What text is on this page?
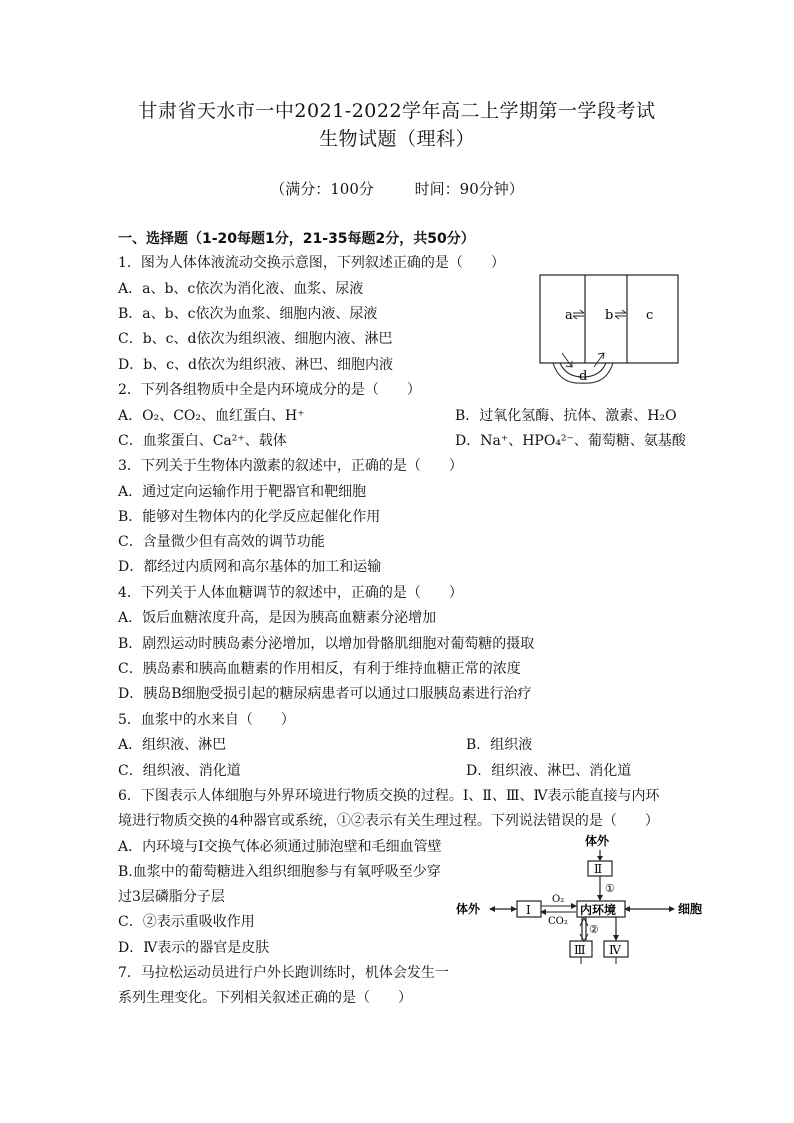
甘肃省天水市一中2021-2022学年高二上学期第一学段考试
生物试题（理科）
（满分：100分	时间：90分钟）
一、选择题（1-20每题1分，21-35每题2分，共50分）
1．图为人体体液流动交换示意图，下列叙述正确的是（　　）
A．a、b、c依次为消化液、血浆、尿液
B．a、b、c依次为血浆、细胞内液、尿液
C．b、c、d依次为组织液、细胞内液、淋巴
D．b、c、d依次为组织液、淋巴、细胞内液
a b	c
d
2．下列各组物质中全是内环境成分的是（　　）
A．O₂、CO₂、血红蛋白、H⁺	B．过氧化氢酶、抗体、激素、H₂O
C．血浆蛋白、Ca²⁺、载体	D．Na⁺、HPO₄²⁻、葡萄糖、氨基酸
3．下列关于生物体内激素的叙述中，正确的是（　　）
A．通过定向运输作用于靶器官和靶细胞
B．能够对生物体内的化学反应起催化作用
C．含量微少但有高效的调节功能
D．都经过内质网和高尔基体的加工和运输
4．下列关于人体血糖调节的叙述中，正确的是（　　）
A．饭后血糖浓度升高，是因为胰高血糖素分泌增加
B．剧烈运动时胰岛素分泌增加，以增加骨骼肌细胞对葡萄糖的摄取
C．胰岛素和胰高血糖素的作用相反，有利于维持血糖正常的浓度
D．胰岛B细胞受损引起的糖尿病患者可以通过口服胰岛素进行治疗
5．血浆中的水来自（　　）
A．组织液、淋巴	B．组织液
C．组织液、消化道	D．组织液、淋巴、消化道
6．下图表示人体细胞与外界环境进行物质交换的过程。Ⅰ、Ⅱ、Ⅲ、Ⅳ表示能直接与内环
境进行物质交换的4种器官或系统，①②表示有关生理过程。下列说法错误的是（　　）
A．内环境与Ⅰ交换气体必须通过肺泡壁和毛细血管壁
B.血浆中的葡萄糖进入组织细胞参与有氧呼吸至少穿
过3层磷脂分子层
C．②表示重吸收作用
D．Ⅳ表示的器官是皮肤
体外
体外	细胞
Ⅱ
①
Ⅰ
O₂
CO₂
内环境
②
Ⅲ Ⅳ
7．马拉松运动员进行户外长跑训练时，机体会发生一
系列生理变化。下列相关叙述正确的是（　　）
